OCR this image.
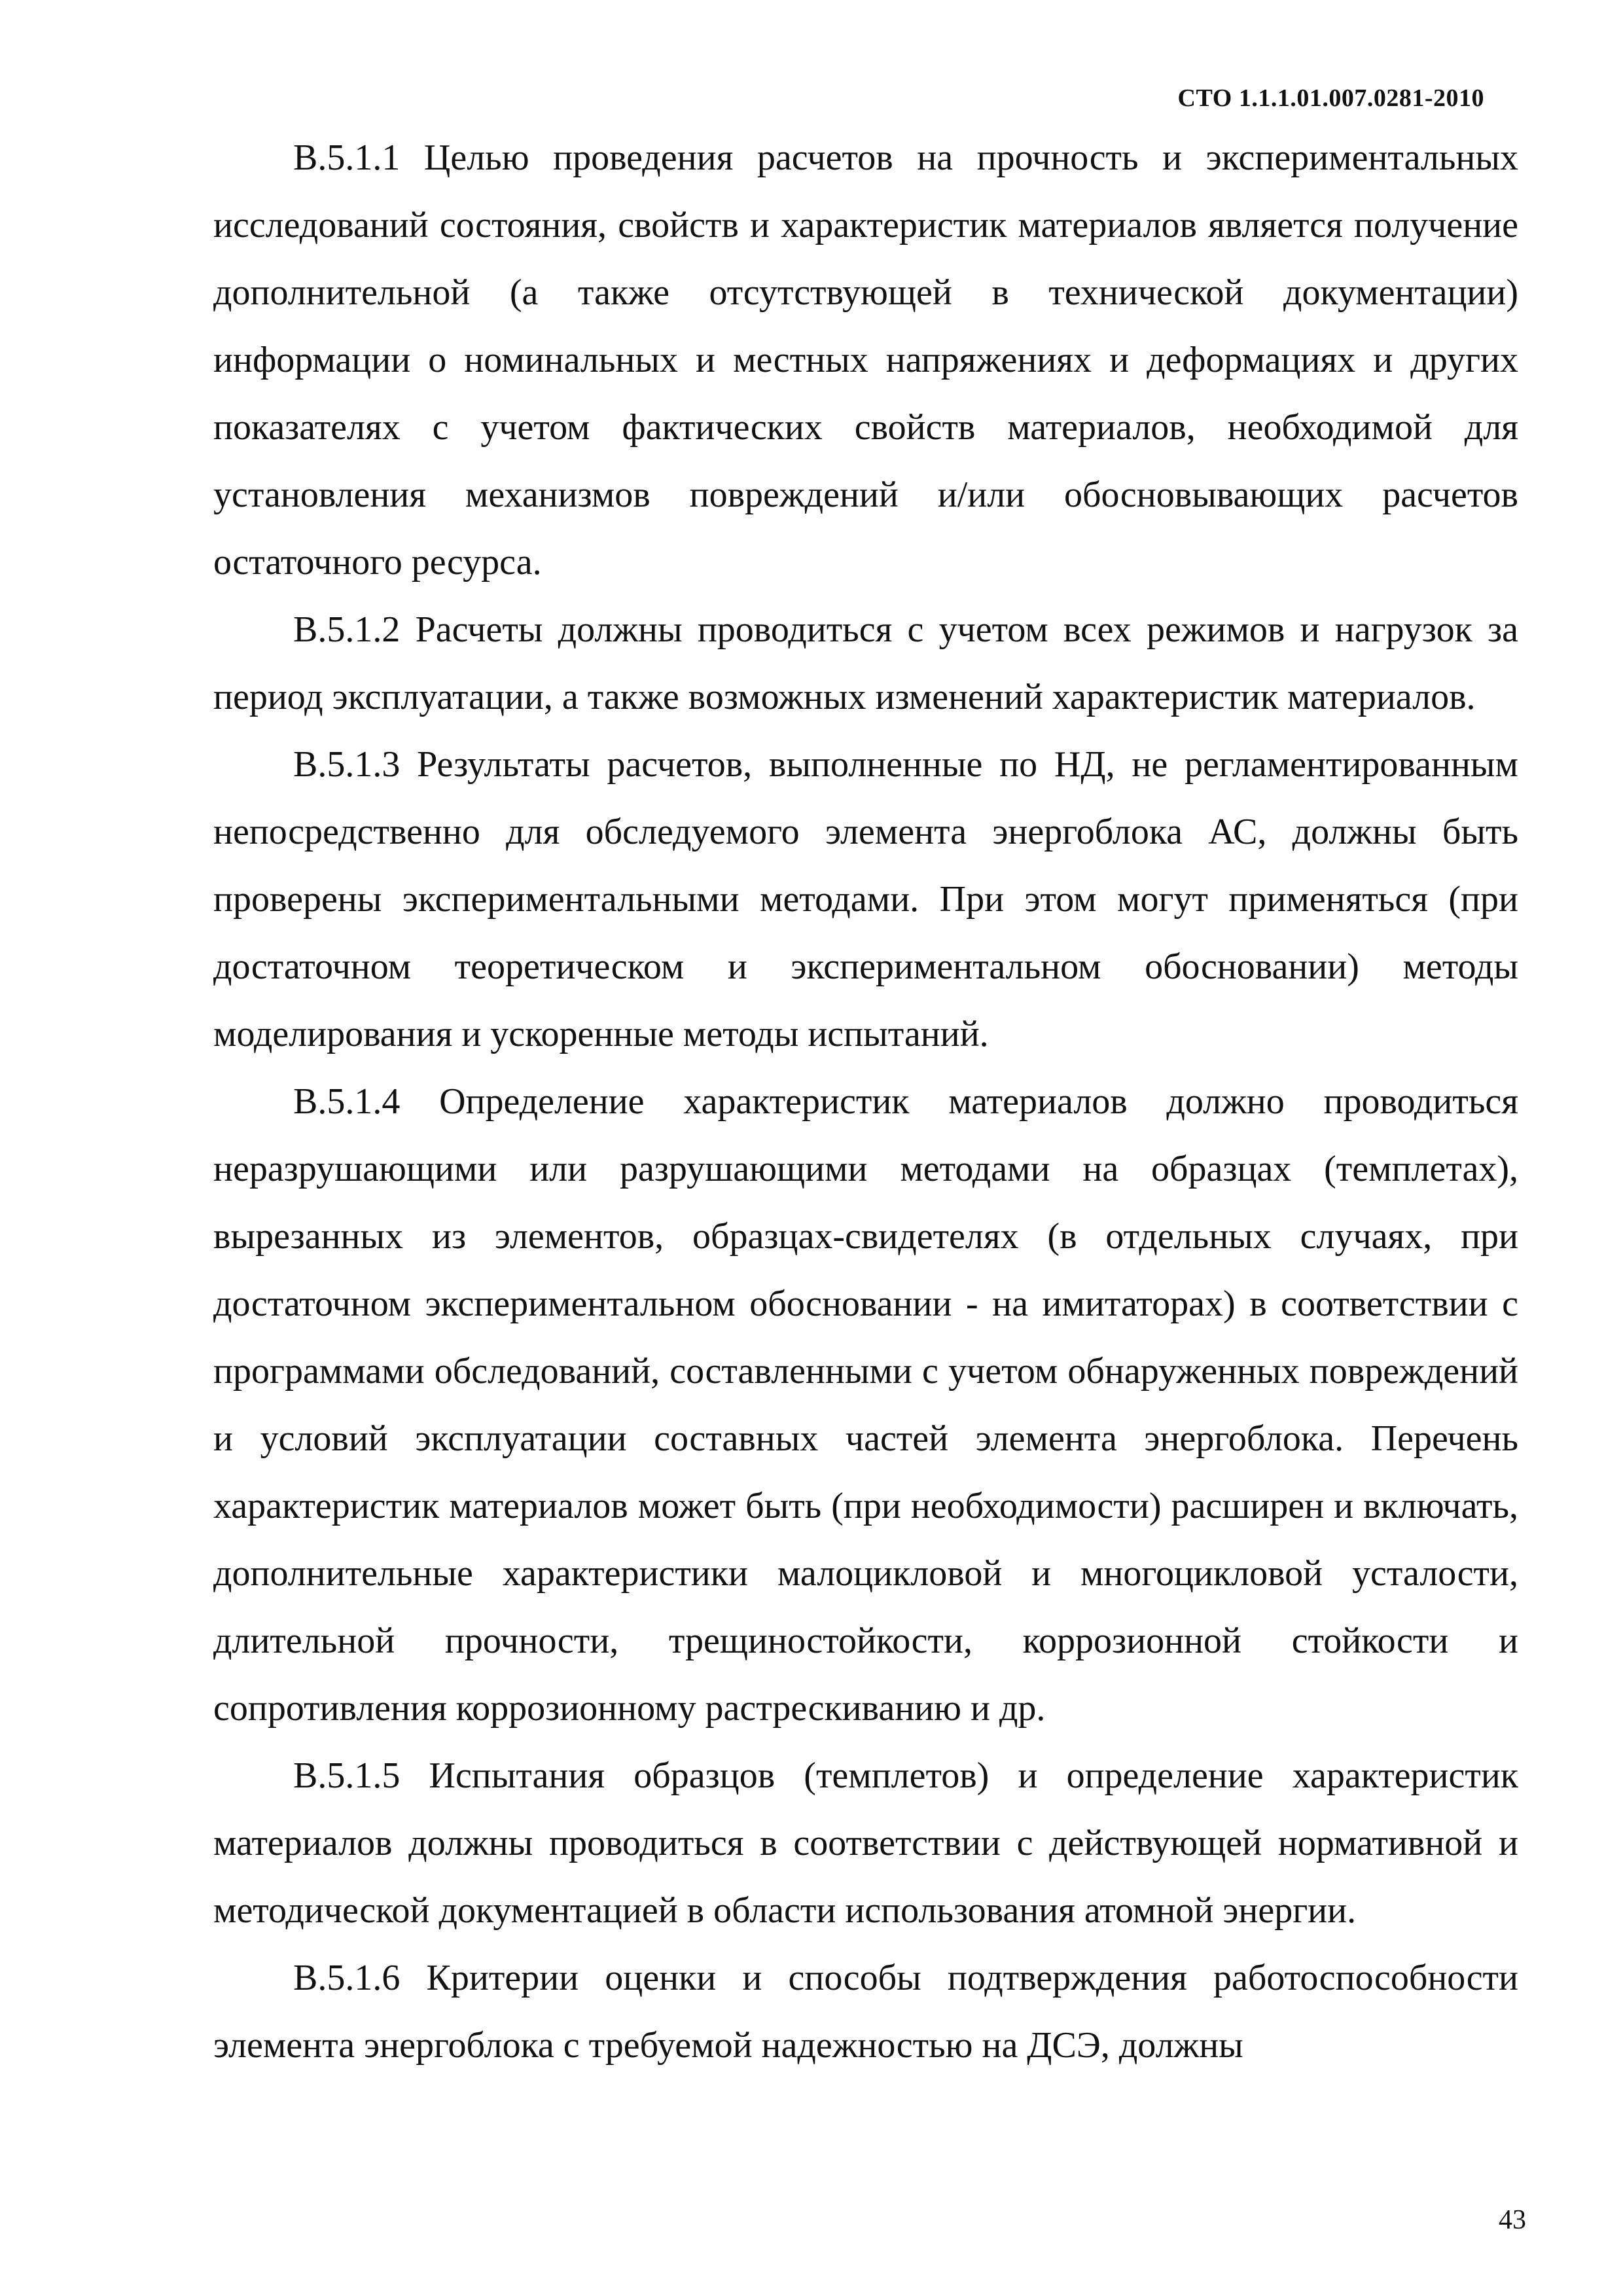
СТО 1.1.1.01.007.0281-2010

В.5.1.1 Целью проведения расчетов на прочность и экспериментальных исследований состояния, свойств и характеристик материалов является получение дополнительной (а также отсутствующей в технической документации) информации о номинальных и местных напряжениях и деформациях и других показателях с учетом фактических свойств материалов, необходимой для установления механизмов повреждений и/или обосновывающих расчетов остаточного ресурса.

В.5.1.2 Расчеты должны проводиться с учетом всех режимов и нагрузок за период эксплуатации, а также возможных изменений характеристик материалов.

В.5.1.3 Результаты расчетов, выполненные по НД, не регламентированным непосредственно для обследуемого элемента энергоблока АС, должны быть проверены экспериментальными методами. При этом могут применяться (при достаточном теоретическом и экспериментальном обосновании) методы моделирования и ускоренные методы испытаний.

В.5.1.4 Определение характеристик материалов должно проводиться неразрушающими или разрушающими методами на образцах (темплетах), вырезанных из элементов, образцах-свидетелях (в отдельных случаях, при достаточном экспериментальном обосновании - на имитаторах) в соответствии с программами обследований, составленными с учетом обнаруженных повреждений и условий эксплуатации составных частей элемента энергоблока. Перечень характеристик материалов может быть (при необходимости) расширен и включать, дополнительные характеристики малоцикловой и многоцикловой усталости, длительной прочности, трещиностойкости, коррозионной стойкости и сопротивления коррозионному растрескиванию и др.

В.5.1.5 Испытания образцов (темплетов) и определение характеристик материалов должны проводиться в соответствии с действующей нормативной и методической документацией в области использования атомной энергии.

В.5.1.6 Критерии оценки и способы подтверждения работоспособности элемента энергоблока с требуемой надежностью на ДСЭ, должны

43
